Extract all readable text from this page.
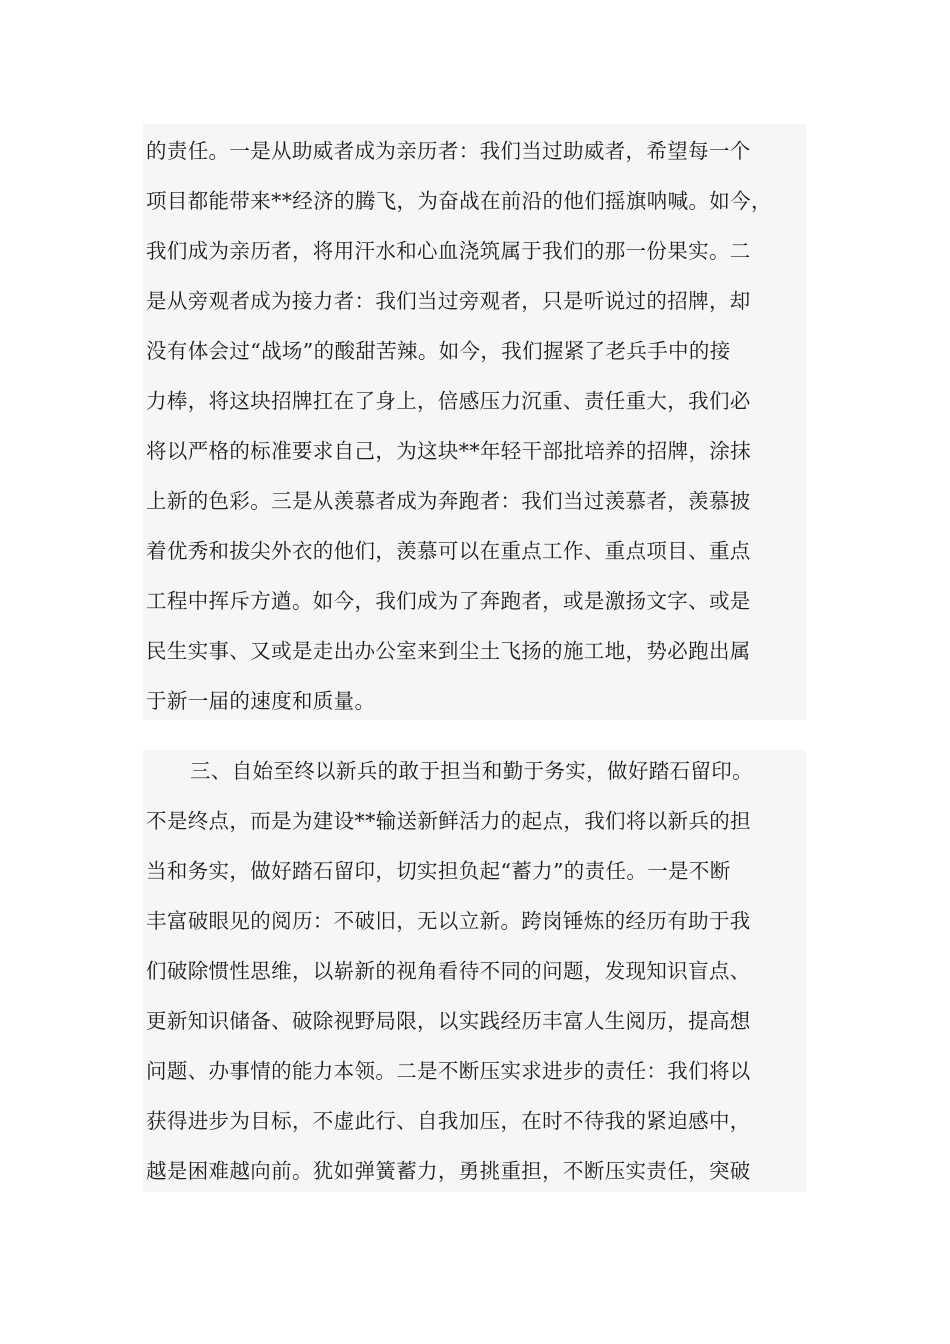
的责任。一是从助威者成为亲历者：我们当过助威者，希望每一个
项目都能带来**经济的腾飞，为奋战在前沿的他们摇旗呐喊。如今，
我们成为亲历者，将用汗水和心血浇筑属于我们的那一份果实。二
是从旁观者成为接力者：我们当过旁观者，只是听说过的招牌，却
没有体会过“战场”的酸甜苦辣。如今，我们握紧了老兵手中的接
力棒，将这块招牌扛在了身上，倍感压力沉重、责任重大，我们必
将以严格的标准要求自己，为这块**年轻干部批培养的招牌，涂抹
上新的色彩。三是从羡慕者成为奔跑者：我们当过羡慕者，羡慕披
着优秀和拔尖外衣的他们，羡慕可以在重点工作、重点项目、重点
工程中挥斥方遒。如今，我们成为了奔跑者，或是激扬文字、或是
民生实事、又或是走出办公室来到尘土飞扬的施工地，势必跑出属
于新一届的速度和质量。
三、自始至终以新兵的敢于担当和勤于务实，做好踏石留印。
不是终点，而是为建设**输送新鲜活力的起点，我们将以新兵的担
当和务实，做好踏石留印，切实担负起“蓄力”的责任。一是不断
丰富破眼见的阅历：不破旧，无以立新。跨岗锤炼的经历有助于我
们破除惯性思维，以崭新的视角看待不同的问题，发现知识盲点、
更新知识储备、破除视野局限，以实践经历丰富人生阅历，提高想
问题、办事情的能力本领。二是不断压实求进步的责任：我们将以
获得进步为目标，不虚此行、自我加压，在时不待我的紧迫感中，
越是困难越向前。犹如弹簧蓄力，勇挑重担，不断压实责任，突破
